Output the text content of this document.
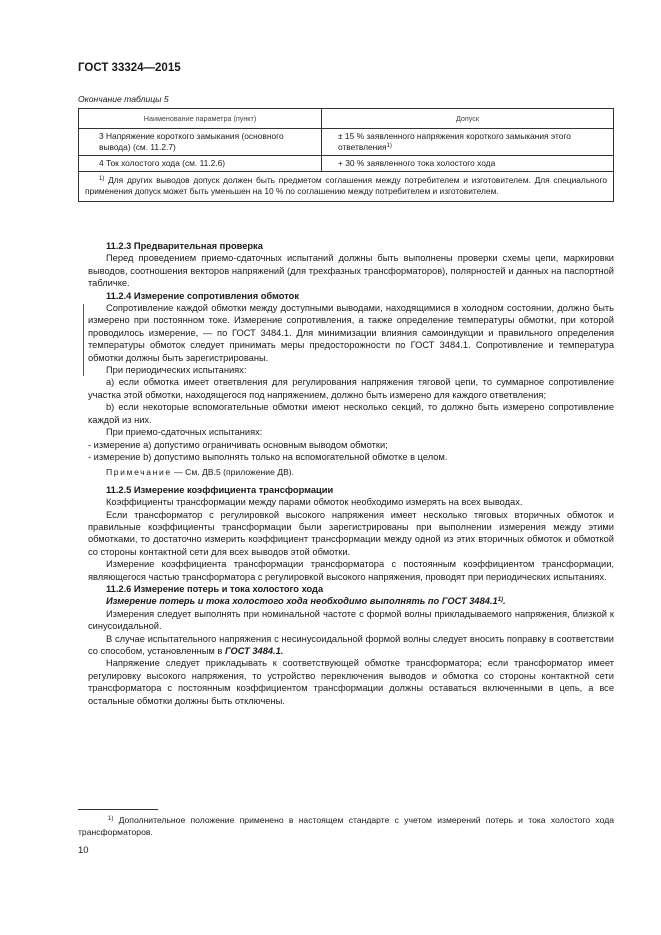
ГОСТ 33324—2015
Окончание таблицы 5
Наименование параметра (пункт)	Допуск
3 Напряжение короткого замыкания (основного вывода) (см. 11.2.7)	± 15 % заявленного напряжения короткого замыкания этого ответвления$^{1)}$
4 Ток холостого хода (см. 11.2.6)	+ 30 % заявленного тока холостого хода
$^{1)}$ Для других выводов допуск должен быть предметом соглашения между потребителем и изготовителем. Для специального применения допуск может быть уменьшен на 10 % по соглашению между потребителем и изготовителем.	

11.2.3 Предварительная проверка

Перед проведением приемо-сдаточных испытаний должны быть выполнены проверки схемы цепи, маркировки выводов, соотношения векторов напряжений (для трехфазных трансформаторов), полярностей и данных на паспортной табличке.

11.2.4 Измерение сопротивления обмоток

Сопротивление каждой обмотки между доступными выводами, находящимися в холодном состоянии, должно быть измерено при постоянном токе. Измерение сопротивления, а также определение температуры обмотки, при которой проводилось измерение, — по ГОСТ 3484.1. Для минимизации влияния самоиндукции и правильного определения температуры обмоток следует принимать меры предосторожности по ГОСТ 3484.1. Сопротивление и температура обмотки должны быть зарегистрированы.

При периодических испытаниях:

а) если обмотка имеет ответвления для регулирования напряжения тяговой цепи, то суммарное сопротивление участка этой обмотки, находящегося под напряжением, должно быть измерено для каждого ответвления;

b) если некоторые вспомогательные обмотки имеют несколько секций, то должно быть измерено сопротивление каждой из них.

При приемо-сдаточных испытаниях:

- измерение а) допустимо ограничивать основным выводом обмотки;

- измерение b) допустимо выполнять только на вспомогательной обмотке в целом.

Примечание — См. ДВ.5 (приложение ДВ).

11.2.5 Измерение коэффициента трансформации

Коэффициенты трансформации между парами обмоток необходимо измерять на всех выводах.

Если трансформатор с регулировкой высокого напряжения имеет несколько тяговых вторичных обмоток и правильные коэффициенты трансформации были зарегистрированы при выполнении измерения между этими обмотками, то достаточно измерить коэффициент трансформации между одной из этих вторичных обмоток и обмоткой со стороны контактной сети для всех выводов этой обмотки.

Измерение коэффициента трансформации трансформатора с постоянным коэффициентом трансформации, являющегося частью трансформатора с регулировкой высокого напряжения, проводят при периодических испытаниях.

11.2.6 Измерение потерь и тока холостого хода

Измерение потерь и тока холостого хода необходимо выполнять по ГОСТ 3484.1$^{1)}$.

Измерения следует выполнять при номинальной частоте с формой волны прикладываемого напряжения, близкой к синусоидальной.

В случае испытательного напряжения с несинусоидальной формой волны следует вносить поправку в соответствии со способом, установленным в ГОСТ 3484.1.

Напряжение следует прикладывать к соответствующей обмотке трансформатора; если трансформатор имеет регулировку высокого напряжения, то устройство переключения выводов и обмотка со стороны контактной сети трансформатора с постоянным коэффициентом трансформации должны оставаться включенными в цепь, а все остальные обмотки должны быть отключены.

$^{1)}$ Дополнительное положение применено в настоящем стандарте с учетом измерений потерь и тока холостого хода трансформаторов.
10
